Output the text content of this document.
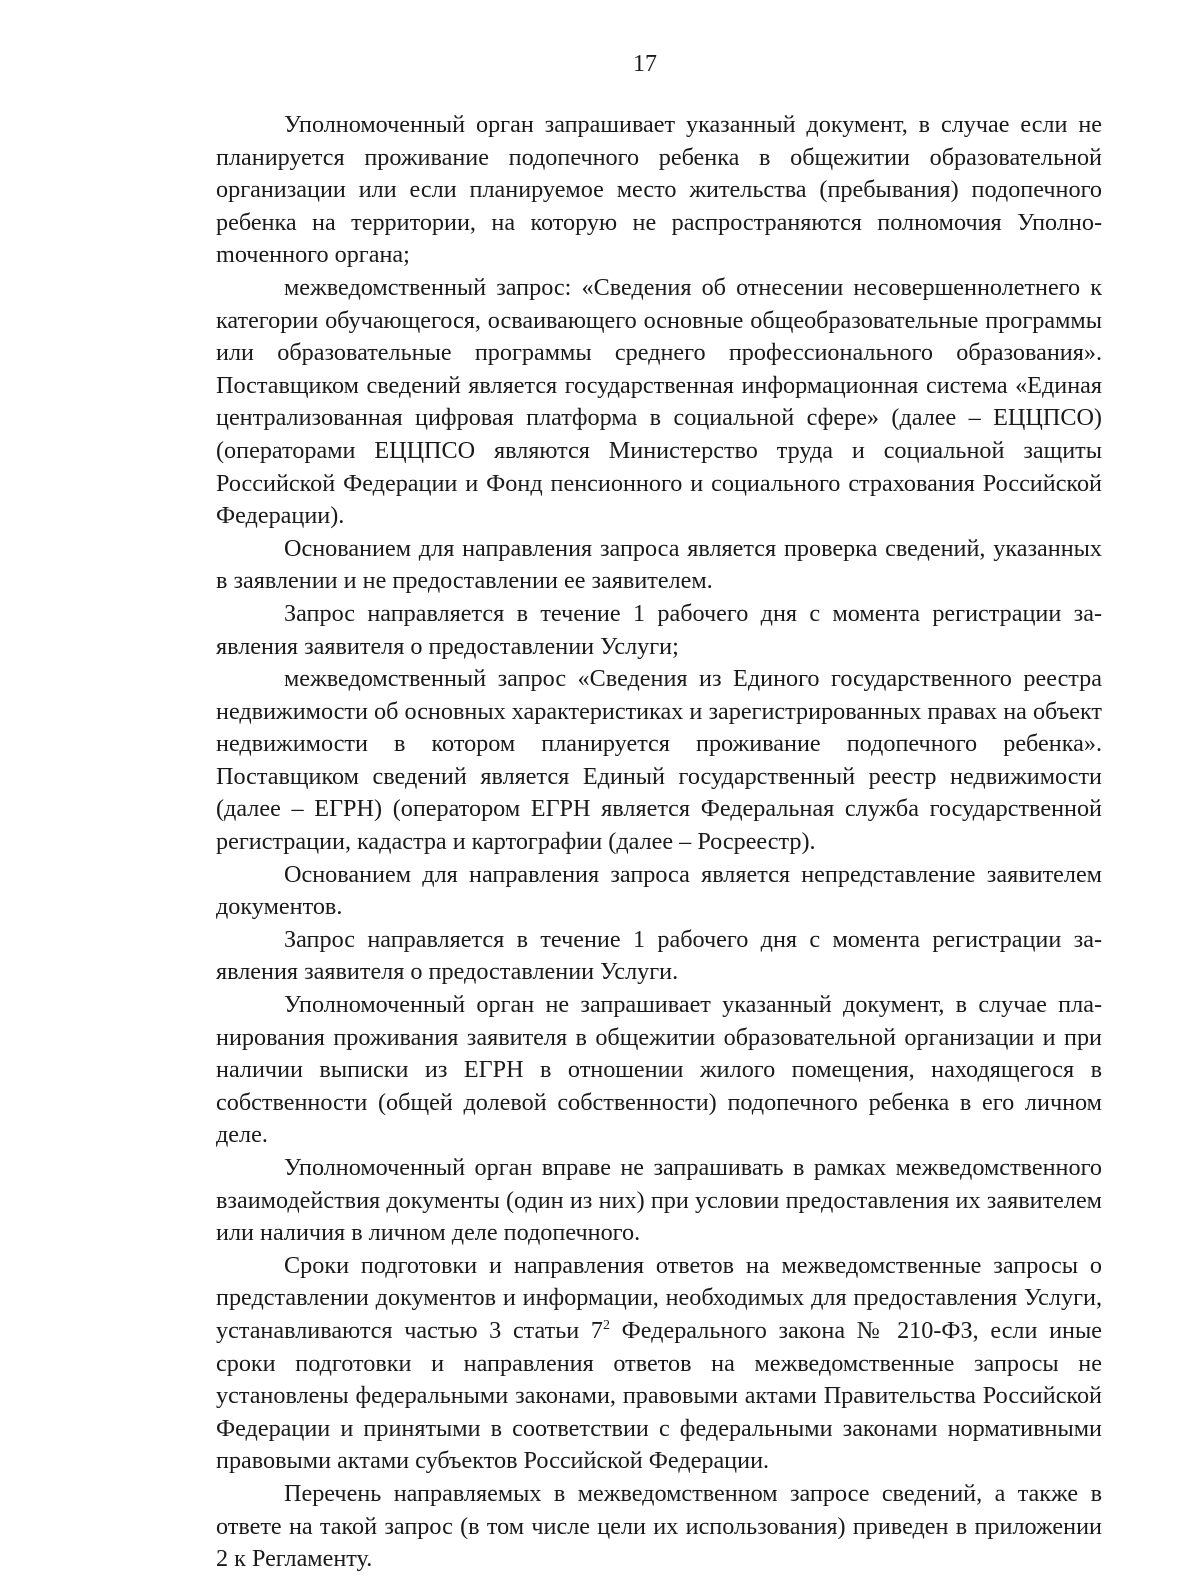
17

Уполномоченный орган запрашивает указанный документ, в случае если не планируется проживание подопечного ребенка в общежитии образовательной организации или если планируемое место жительства (пребывания) подопечного ребенка на территории, на которую не распространяются полномочия Уполноmоченного органа;

межведомственный запрос: «Сведения об отнесении несовершеннолетнего к категории обучающегося, осваивающего основные общеобразовательные программы или образовательные программы среднего профессионального образования». Поставщиком сведений является государственная информационная система «Единая централизованная цифровая платформа в социальной сфере» (далее – ЕЦЦПСО) (операторами ЕЦЦПСО являются Министерство труда и социальной защиты Российской Федерации и Фонд пенсионного и социального страхования Российской Федерации).

Основанием для направления запроса является проверка сведений, указанных в заявлении и не предоставлении ее заявителем.

Запрос направляется в течение 1 рабочего дня с момента регистрации заявления заявителя о предоставлении Услуги;

межведомственный запрос «Сведения из Единого государственного реестра недвижимости об основных характеристиках и зарегистрированных правах на объект недвижимости в котором планируется проживание подопечного ребенка». Поставщиком сведений является Единый государственный реестр недвижимости (далее – ЕГРН) (оператором ЕГРН является Федеральная служба государственной регистрации, кадастра и картографии (далее – Росреестр).

Основанием для направления запроса является непредставление заявителем документов.

Запрос направляется в течение 1 рабочего дня с момента регистрации заявления заявителя о предоставлении Услуги.

Уполномоченный орган не запрашивает указанный документ, в случае планирования проживания заявителя в общежитии образовательной организации и при наличии выписки из ЕГРН в отношении жилого помещения, находящегося в собственности (общей долевой собственности) подопечного ребенка в его личном деле.

Уполномоченный орган вправе не запрашивать в рамках межведомственного взаимодействия документы (один из них) при условии предоставления их заявителем или наличия в личном деле подопечного.

Сроки подготовки и направления ответов на межведомственные запросы о представлении документов и информации, необходимых для предоставления Услуги, устанавливаются частью 3 статьи $7^2$ Федерального закона № 210-ФЗ, если иные сроки подготовки и направления ответов на межведомственные запросы не установлены федеральными законами, правовыми актами Правительства Российской Федерации и принятыми в соответствии с федеральными законами нормативными правовыми актами субъектов Российской Федерации.

Перечень направляемых в межведомственном запросе сведений, а также в ответе на такой запрос (в том числе цели их использования) приведен в приложении 2 к Регламенту.
